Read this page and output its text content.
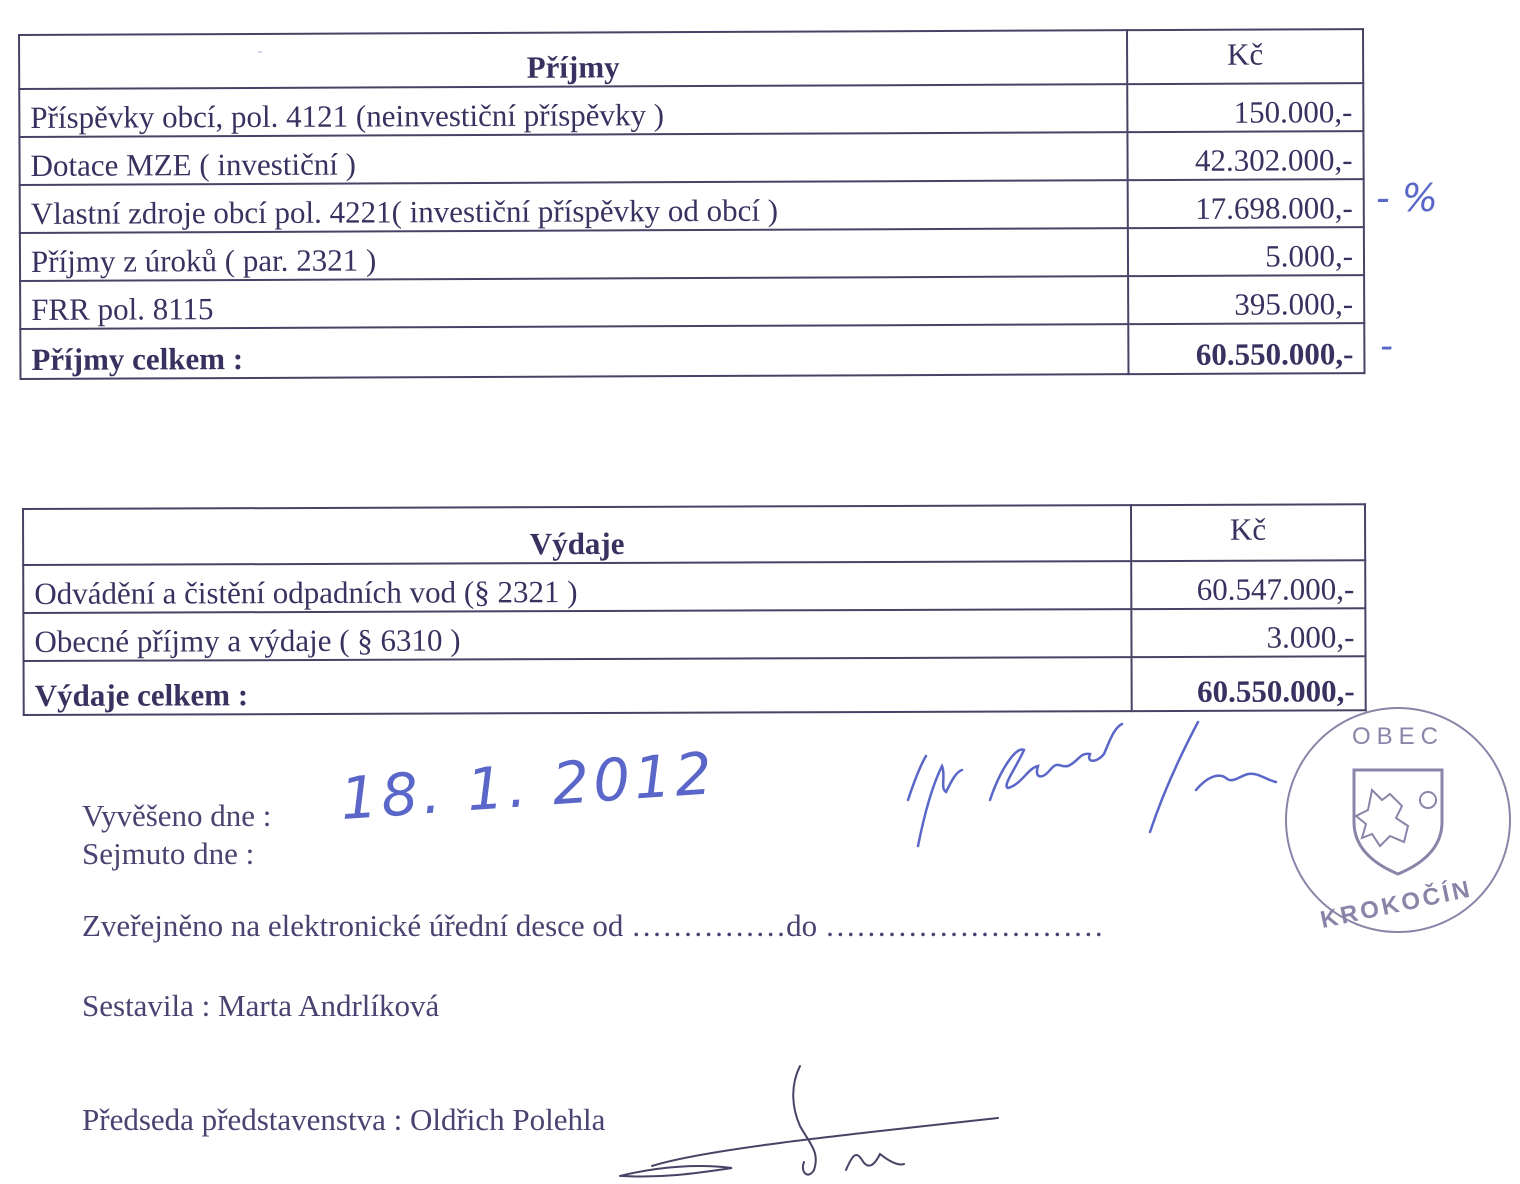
Příjmy	Kč
Příspěvky obcí, pol. 4121 (neinvestiční příspěvky )	150.000,-
Dotace MZE ( investiční )	42.302.000,-
Vlastní zdroje obcí pol. 4221( investiční příspěvky od obcí )	17.698.000,-
Příjmy z úroků ( par. 2321 )	5.000,-
FRR pol. 8115	395.000,-
Příjmy celkem :	60.550.000,-
Výdaje	Kč
Odvádění a čistění odpadních vod (§ 2321 )	60.547.000,-
Obecné příjmy a výdaje ( § 6310 )	3.000,-
Výdaje celkem :	60.550.000,-
- %
-
Vyvěšeno dne :
Sejmuto dne :
Zveřejněno na elektronické úřední desce od ……………do ………………………
Sestavila : Marta Andrlíková
Předseda představenstva : Oldřich Polehla
18. 1. 2012
OBEC
KROKOČÍN
